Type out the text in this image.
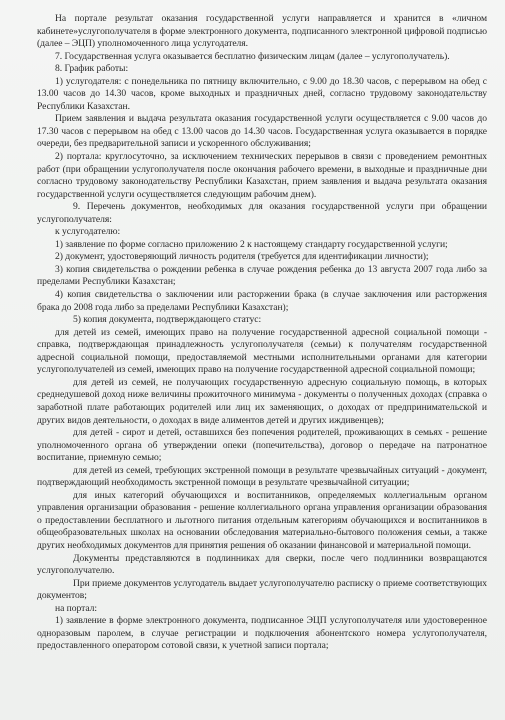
На портале результат оказания государственной услуги направляется и хранится в «личном кабинете»услугополучателя в форме электронного документа, подписанного электронной цифровой подписью (далее – ЭЦП) уполномоченного лица услугодателя.

7. Государственная услуга оказывается бесплатно физическим лицам (далее – услугополучатель).

8. График работы:

1) услугодателя: с понедельника по пятницу включительно, с 9.00 до 18.30 часов, с перерывом на обед с 13.00 часов до 14.30 часов, кроме выходных и праздничных дней, согласно трудовому законодательству Республики Казахстан.

Прием заявления и выдача результата оказания государственной услуги осуществляется с 9.00 часов до 17.30 часов с перерывом на обед с 13.00 часов до 14.30 часов. Государственная услуга оказывается в порядке очереди, без предварительной записи и ускоренного обслуживания;

2) портала: круглосуточно, за исключением технических перерывов в связи с проведением ремонтных работ (при обращении услугополучателя после окончания рабочего времени, в выходные и праздничные дни согласно трудовому законодательству Республики Казахстан, прием заявления и выдача результата оказания государственной услуги осуществляется следующим рабочим днем).

9. Перечень документов, необходимых для оказания государственной услуги при обращении услугополучателя:

к услугодателю:

1) заявление по форме согласно приложению 2 к настоящему стандарту государственной услуги;

2) документ, удостоверяющий личность родителя (требуется для идентификации личности);

3) копия свидетельства о рождении ребенка в случае рождения ребенка до 13 августа 2007 года либо за пределами Республики Казахстан;

4) копия свидетельства о заключении или расторжении брака (в случае заключения или расторжения брака до 2008 года либо за пределами Республики Казахстан);

5) копия документа, подтверждающего статус:

для детей из семей, имеющих право на получение государственной адресной социальной помощи - справка, подтверждающая принадлежность услугополучателя (семьи) к получателям государственной адресной социальной помощи, предоставляемой местными исполнительными органами для категории услугополучателей из семей, имеющих право на получение государственной адресной социальной помощи;

для детей из семей, не получающих государственную адресную социальную помощь, в которых среднедушевой доход ниже величины прожиточного минимума - документы о полученных доходах (справка о заработной плате работающих родителей или лиц их заменяющих, о доходах от предпринимательской и других видов деятельности, о доходах в виде алиментов детей и других иждивенцев);

для детей - сирот и детей, оставшихся без попечения родителей, проживающих в семьях - решение уполномоченного органа об утверждении опеки (попечительства), договор о передаче на патронатное воспитание, приемную семью;

для детей из семей, требующих экстренной помощи в результате чрезвычайных ситуаций - документ, подтверждающий необходимость экстренной помощи в результате чрезвычайной ситуации;

для иных категорий обучающихся и воспитанников, определяемых коллегиальным органом управления организации образования - решение коллегиального органа управления организации образования о предоставлении бесплатного и льготного питания отдельным категориям обучающихся и воспитанников в общеобразовательных школах на основании обследования материально-бытового положения семьи, а также других необходимых документов для принятия решения об оказании финансовой и материальной помощи.

Документы представляются в подлинниках для сверки, после чего подлинники возвращаются услугополучателю.

При приеме документов услугодатель выдает услугополучателю расписку о приеме соответствующих документов;

на портал:

1) заявление в форме электронного документа, подписанное ЭЦП услугополучателя или удостоверенное одноразовым паролем, в случае регистрации и подключения абонентского номера услугополучателя, предоставленного оператором сотовой связи, к учетной записи портала;
